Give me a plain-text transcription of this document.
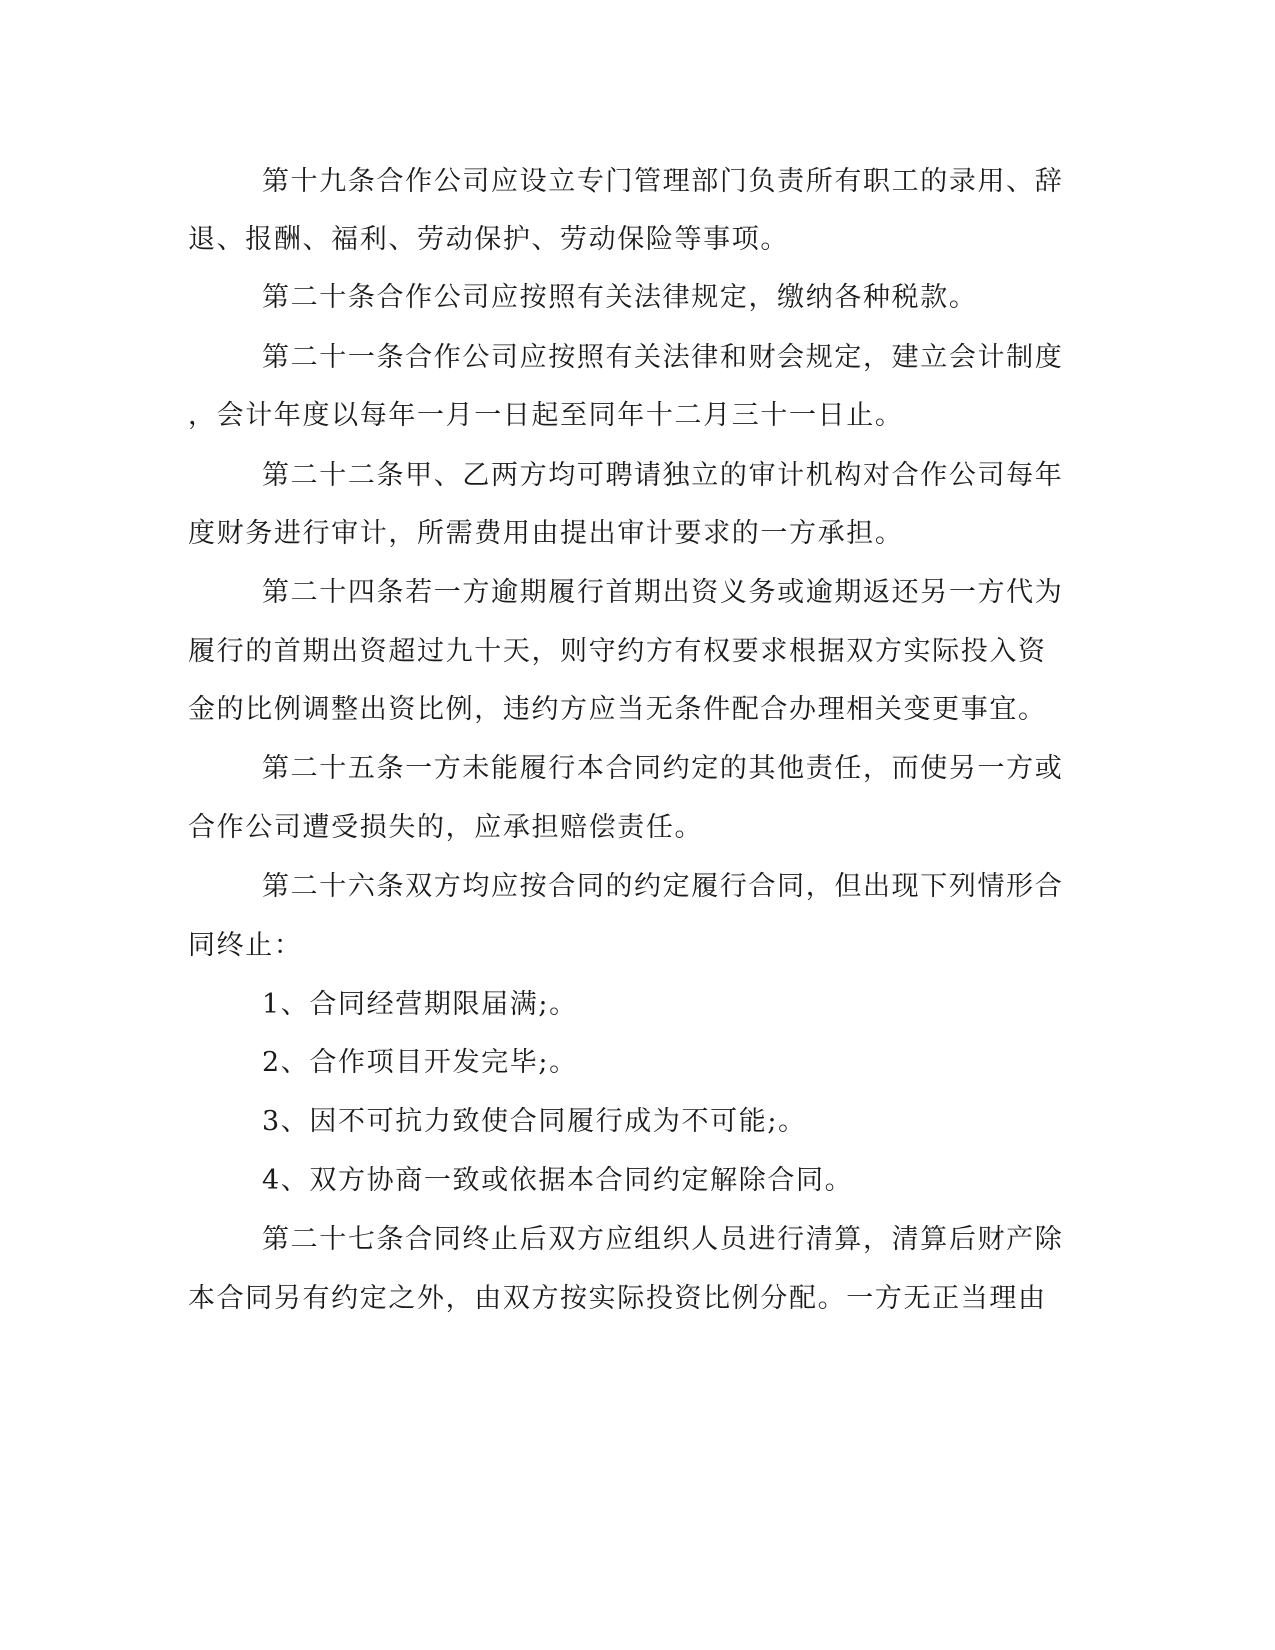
第十九条合作公司应设立专门管理部门负责所有职工的录用、辞

退、报酬、福利、劳动保护、劳动保险等事项。

第二十条合作公司应按照有关法律规定，缴纳各种税款。

第二十一条合作公司应按照有关法律和财会规定，建立会计制度

，会计年度以每年一月一日起至同年十二月三十一日止。

第二十二条甲、乙两方均可聘请独立的审计机构对合作公司每年

度财务进行审计，所需费用由提出审计要求的一方承担。

第二十四条若一方逾期履行首期出资义务或逾期返还另一方代为

履行的首期出资超过九十天，则守约方有权要求根据双方实际投入资

金的比例调整出资比例，违约方应当无条件配合办理相关变更事宜。

第二十五条一方未能履行本合同约定的其他责任，而使另一方或

合作公司遭受损失的，应承担赔偿责任。

第二十六条双方均应按合同的约定履行合同，但出现下列情形合

同终止：

1、合同经营期限届满;。

2、合作项目开发完毕;。

3、因不可抗力致使合同履行成为不可能;。

4、双方协商一致或依据本合同约定解除合同。

第二十七条合同终止后双方应组织人员进行清算，清算后财产除

本合同另有约定之外，由双方按实际投资比例分配。一方无正当理由
